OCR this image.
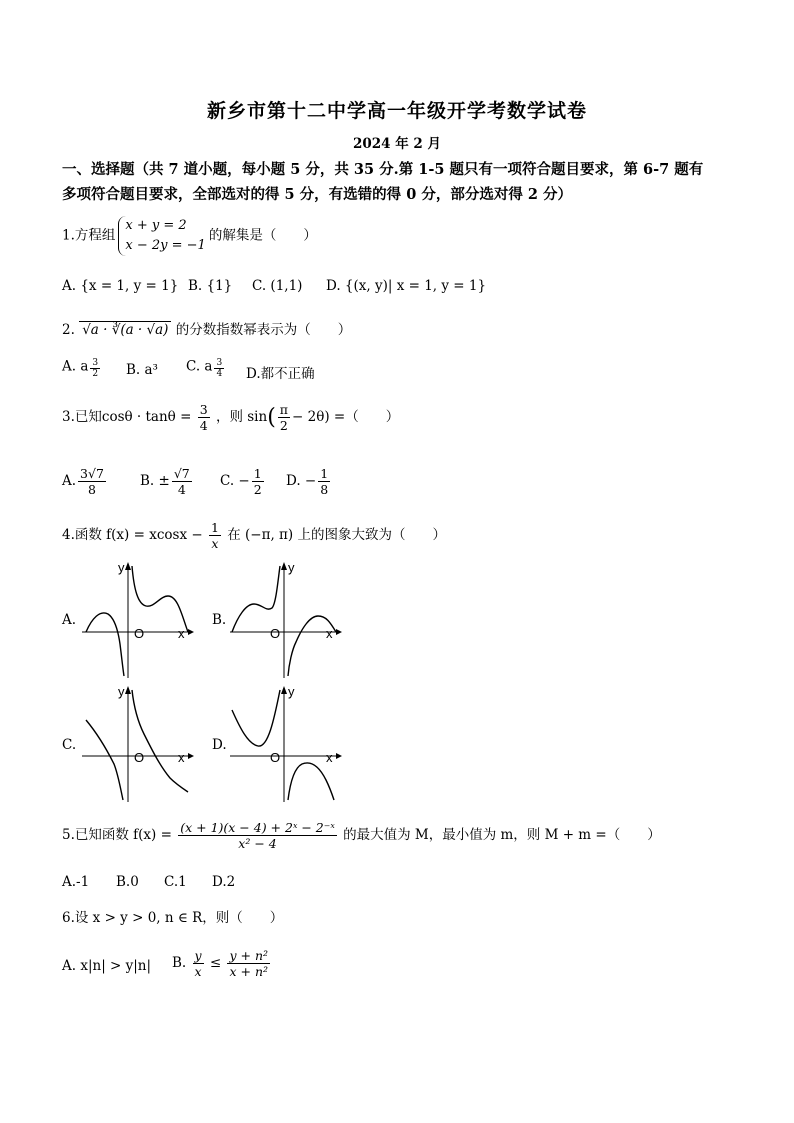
新乡市第十二中学高一年级开学考数学试卷
2024 年 2 月
一、选择题（共 7 道小题，每小题 5 分，共 35 分.第 1-5 题只有一项符合题目要求，第 6-7 题有
多项符合题目要求，全部选对的得 5 分，有选错的得 0 分，部分选对得 2 分）
1.方程组
x + y = 2
x − 2y = −1
的解集是（　　）
A. {x = 1, y = 1} B. {1} C. (1,1) D. {(x, y)| x = 1, y = 1}
2. √a · ∛(a · √a) 的分数指数幂表示为（　　）
A. a $\frac{3}{2} B$. a³ C. a $\frac{3}{4} D$.都不正确
3.已知$\cos\theta \cdot \tan\theta = \frac{3}{4}$ ，则 $\sin( \frac{\pi}{2} - 2\theta)$ =（　　）
A. $\frac{3√7}{8}$	B. ± $\frac{√7}{4} C$. − $\frac{1}{2} D$. − $\frac{1}{8}$
4.函数 $f(x) = xcosx - \frac{1}{x}$ 在 (−π, π) 上的图象大致为（　　）
A.
y
O	x
B.
y
O	x
C.
y
O	x
D.
y
O	x
5.已知函数 $f(x) = \frac{\text{(x + 1)(x − 4) + 2ˣ − 2⁻ˣ}}{\text{x² − 4}}$ 的最大值为 M，最小值为 m，则 M + m =（　　）
A.-1 B.0 C.1 D.2
6.设 x > y > 0, n ∈ R，则（　　）
A. x|n| > y|n| B. $\frac{y}{x} \le \frac{\text{y + n²}}{\text{x + n²}}$
